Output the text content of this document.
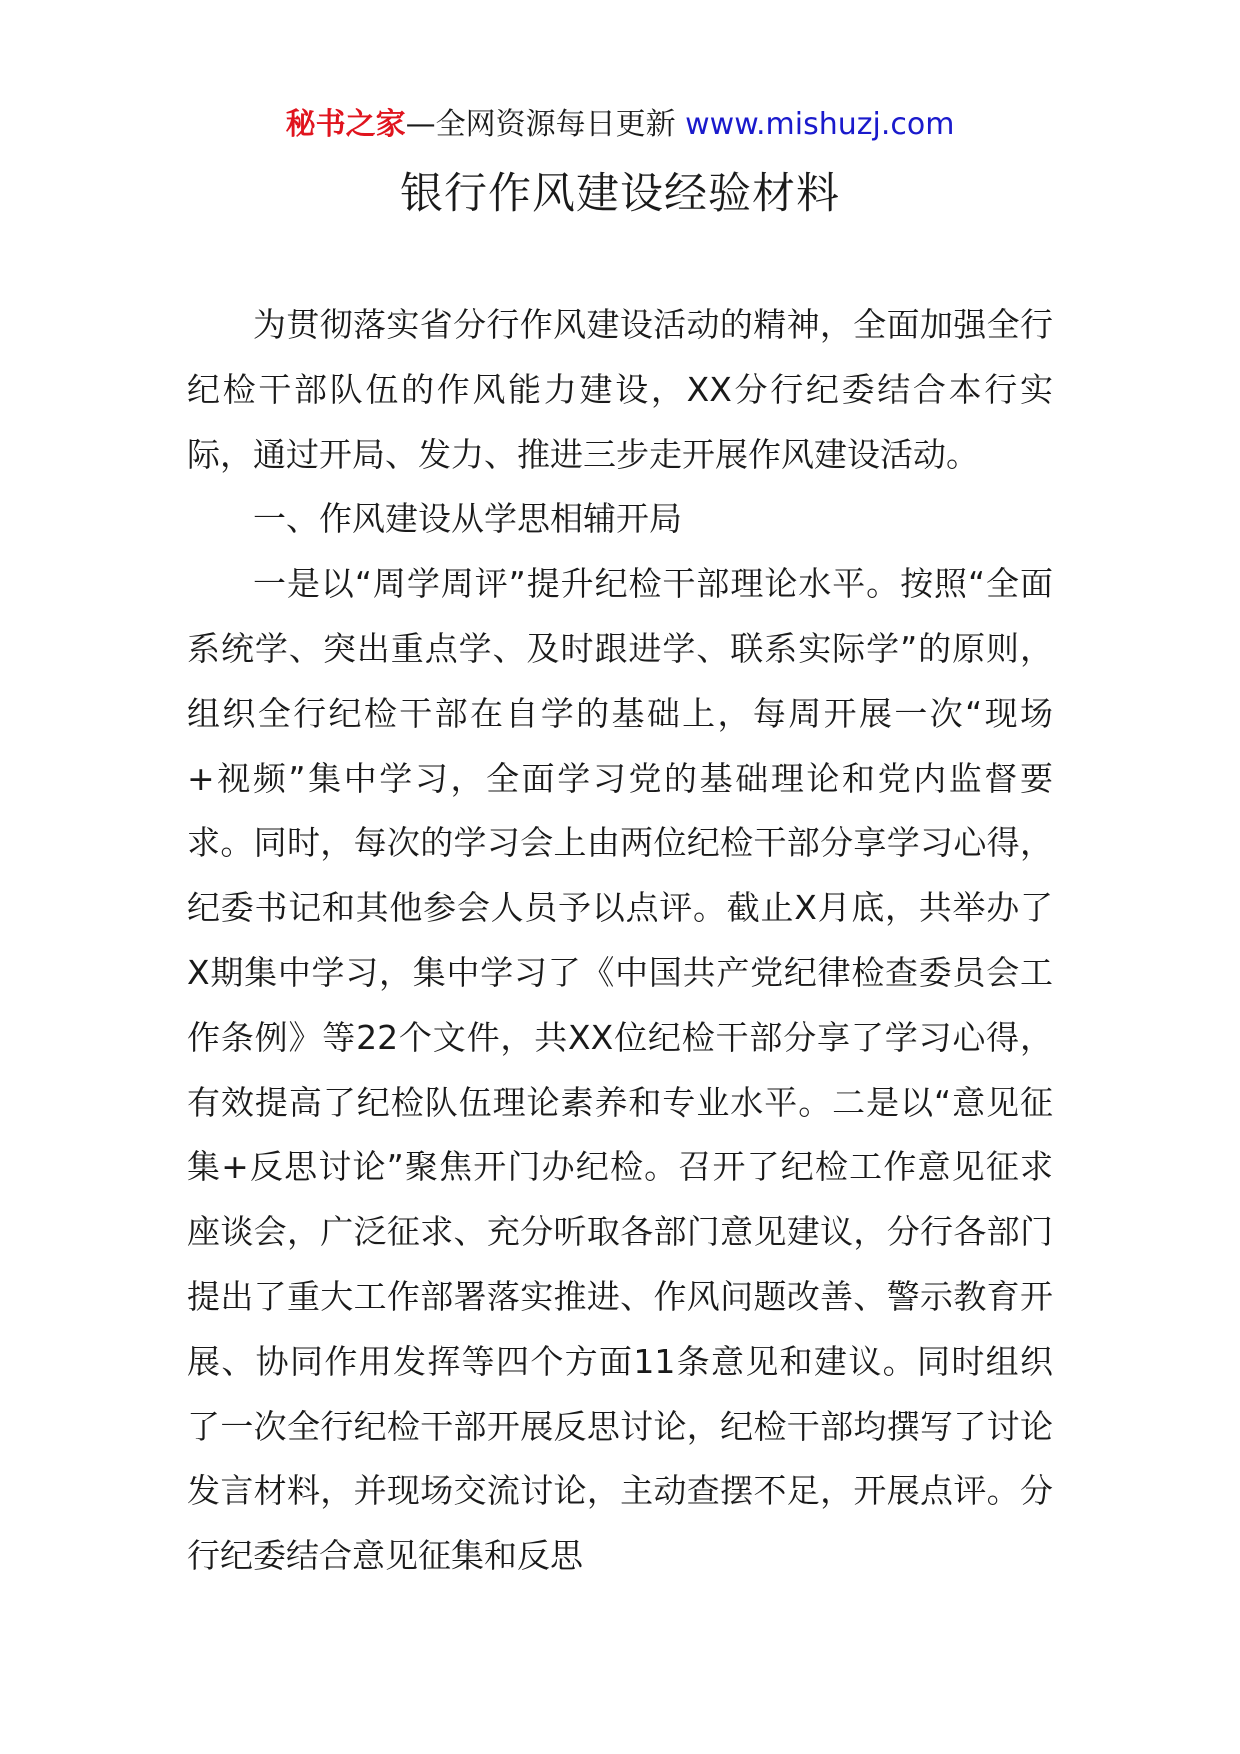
秘书之家—全网资源每日更新 www.mishuzj.com
银行作风建设经验材料

为贯彻落实省分行作风建设活动的精神，全面加强全行纪检干部队伍的作风能力建设，XX分行纪委结合本行实际，通过开局、发力、推进三步走开展作风建设活动。

一、作风建设从学思相辅开局

一是以“周学周评”提升纪检干部理论水平。按照“全面系统学、突出重点学、及时跟进学、联系实际学”的原则，组织全行纪检干部在自学的基础上，每周开展一次“现场+视频”集中学习，全面学习党的基础理论和党内监督要求。同时，每次的学习会上由两位纪检干部分享学习心得，纪委书记和其他参会人员予以点评。截止X月底，共举办了X期集中学习，集中学习了《中国共产党纪律检查委员会工作条例》等22个文件，共XX位纪检干部分享了学习心得，有效提高了纪检队伍理论素养和专业水平。二是以“意见征集+反思讨论”聚焦开门办纪检。召开了纪检工作意见征求座谈会，广泛征求、充分听取各部门意见建议，分行各部门提出了重大工作部署落实推进、作风问题改善、警示教育开展、协同作用发挥等四个方面11条意见和建议。同时组织了一次全行纪检干部开展反思讨论，纪检干部均撰写了讨论发言材料，并现场交流讨论，主动查摆不足，开展点评。分行纪委结合意见征集和反思
